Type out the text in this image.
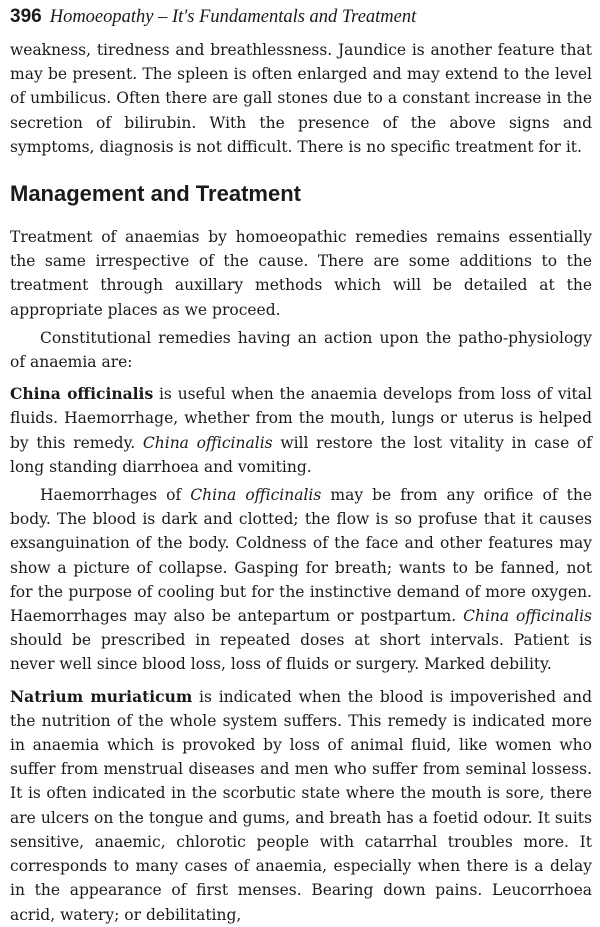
396 Homoeopathy – It's Fundamentals and Treatment

weakness, tiredness and breathlessness. Jaundice is another feature that may be present. The spleen is often enlarged and may extend to the level of umbilicus. Often there are gall stones due to a constant increase in the secretion of bilirubin. With the presence of the above signs and symptoms, diagnosis is not difficult. There is no specific treatment for it.

Management and Treatment

Treatment of anaemias by homoeopathic remedies remains essentially the same irrespective of the cause. There are some additions to the treatment through auxillary methods which will be detailed at the appropriate places as we proceed.

Constitutional remedies having an action upon the patho-physiology of anaemia are:

China officinalis is useful when the anaemia develops from loss of vital fluids. Haemorrhage, whether from the mouth, lungs or uterus is helped by this remedy. China officinalis will restore the lost vitality in case of long standing diarrhoea and vomiting.

Haemorrhages of China officinalis may be from any orifice of the body. The blood is dark and clotted; the flow is so profuse that it causes exsanguination of the body. Coldness of the face and other features may show a picture of collapse. Gasping for breath; wants to be fanned, not for the purpose of cooling but for the instinctive demand of more oxygen. Haemorrhages may also be antepartum or postpartum. China officinalis should be prescribed in repeated doses at short intervals. Patient is never well since blood loss, loss of fluids or surgery. Marked debility.

Natrium muriaticum is indicated when the blood is impoverished and the nutrition of the whole system suffers. This remedy is indicated more in anaemia which is provoked by loss of animal fluid, like women who suffer from menstrual diseases and men who suffer from seminal lossess. It is often indicated in the scorbutic state where the mouth is sore, there are ulcers on the tongue and gums, and breath has a foetid odour. It suits sensitive, anaemic, chlorotic people with catarrhal troubles more. It corresponds to many cases of anaemia, especially when there is a delay in the appearance of first menses. Bearing down pains. Leucorrhoea acrid, watery; or debilitating,
